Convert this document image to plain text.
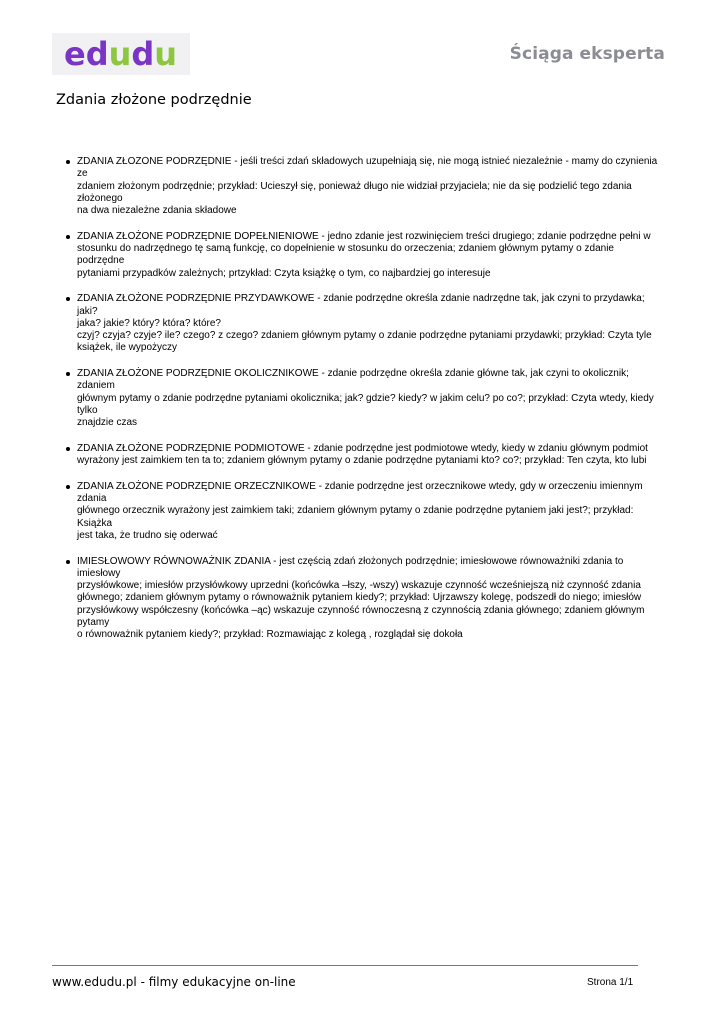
edudu	Ściąga eksperta
Zdania złożone podrzędnie
ZDANIA ZŁOZONE PODRZĘDNIE - jeśli treści zdań składowych uzupełniają się, nie mogą istnieć niezależnie - mamy do czynienia ze
zdaniem złożonym podrzędnie; przykład: Ucieszył się, ponieważ długo nie widział przyjaciela; nie da się podzielić tego zdania złożonego
na dwa niezależne zdania składowe
ZDANIA ZŁOŻONE PODRZĘDNIE DOPEŁNIENIOWE - jedno zdanie jest rozwinięciem treści drugiego; zdanie podrzędne pełni w
stosunku do nadrzędnego tę samą funkcję, co dopełnienie w stosunku do orzeczenia; zdaniem głównym pytamy o zdanie podrzędne
pytaniami przypadków zależnych; prtzykład: Czyta książkę o tym, co najbardziej go interesuje
ZDANIA ZŁOŻONE PODRZĘDNIE PRZYDAWKOWE - zdanie podrzędne określa zdanie nadrzędne tak, jak czyni to przydawka; jaki?
jaka? jakie? który? która? które?
czyj? czyja? czyje? ile? czego? z czego? zdaniem głównym pytamy o zdanie podrzędne pytaniami przydawki; przykład: Czyta tyle
książek, ile wypożyczy
ZDANIA ZŁOŻONE PODRZĘDNIE OKOLICZNIKOWE - zdanie podrzędne określa zdanie główne tak, jak czyni to okolicznik; zdaniem
głównym pytamy o zdanie podrzędne pytaniami okolicznika; jak? gdzie? kiedy? w jakim celu? po co?; przykład: Czyta wtedy, kiedy tylko
znajdzie czas
ZDANIA ZŁOŻONE PODRZĘDNIE PODMIOTOWE - zdanie podrzędne jest podmiotowe wtedy, kiedy w zdaniu głównym podmiot
wyrażony jest zaimkiem ten ta to; zdaniem głównym pytamy o zdanie podrzędne pytaniami kto? co?; przykład: Ten czyta, kto lubi
ZDANIA ZŁOŻONE PODRZĘDNIE ORZECZNIKOWE - zdanie podrzędne jest orzecznikowe wtedy, gdy w orzeczeniu imiennym zdania
głównego orzecznik wyrażony jest zaimkiem taki; zdaniem głównym pytamy o zdanie podrzędne pytaniem jaki jest?; przykład: Książka
jest taka, że trudno się oderwać
IMIESŁOWOWY RÓWNOWAŻNIK ZDANIA - jest częścią zdań złożonych podrzędnie; imiesłowowe równoważniki zdania to imiesłowy
przysłówkowe; imiesłów przysłówkowy uprzedni (końcówka –łszy, -wszy) wskazuje czynność wcześniejszą niż czynność zdania
głównego; zdaniem głównym pytamy o równoważnik pytaniem kiedy?; przykład: Ujrzawszy kolegę, podszedł do niego; imiesłów
przysłówkowy współczesny (końcówka –ąc) wskazuje czynność równoczesną z czynnością zdania głównego; zdaniem głównym pytamy
o równoważnik pytaniem kiedy?; przykład: Rozmawiając z kolegą , rozglądał się dokoła
www.edudu.pl - filmy edukacyjne on-line	Strona 1/1
